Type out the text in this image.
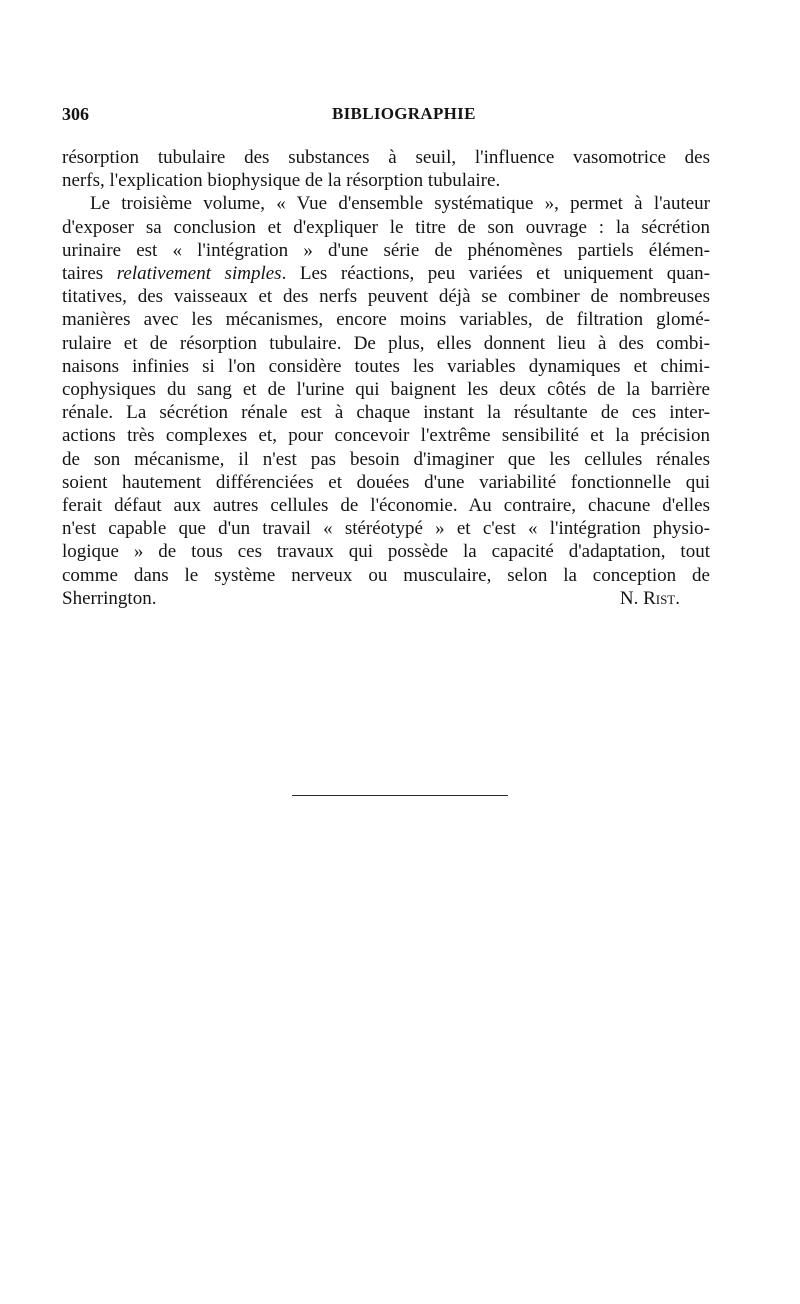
306	BIBLIOGRAPHIE
résorption tubulaire des substances à seuil, l'influence vasomotrice des
nerfs, l'explication biophysique de la résorption tubulaire.
Le troisième volume, « Vue d'ensemble systématique », permet à l'auteur
d'exposer sa conclusion et d'expliquer le titre de son ouvrage : la sécrétion
urinaire est « l'intégration » d'une série de phénomènes partiels élémen-
taires relativement simples. Les réactions, peu variées et uniquement quan-
titatives, des vaisseaux et des nerfs peuvent déjà se combiner de nombreuses
manières avec les mécanismes, encore moins variables, de filtration glomé-
rulaire et de résorption tubulaire. De plus, elles donnent lieu à des combi-
naisons infinies si l'on considère toutes les variables dynamiques et chimi-
cophysiques du sang et de l'urine qui baignent les deux côtés de la barrière
rénale. La sécrétion rénale est à chaque instant la résultante de ces inter-
actions très complexes et, pour concevoir l'extrême sensibilité et la précision
de son mécanisme, il n'est pas besoin d'imaginer que les cellules rénales
soient hautement différenciées et douées d'une variabilité fonctionnelle qui
ferait défaut aux autres cellules de l'économie. Au contraire, chacune d'elles
n'est capable que d'un travail « stéréotypé » et c'est « l'intégration physio-
logique » de tous ces travaux qui possède la capacité d'adaptation, tout
comme dans le système nerveux ou musculaire, selon la conception de
Sherrington.	N. Rist.
